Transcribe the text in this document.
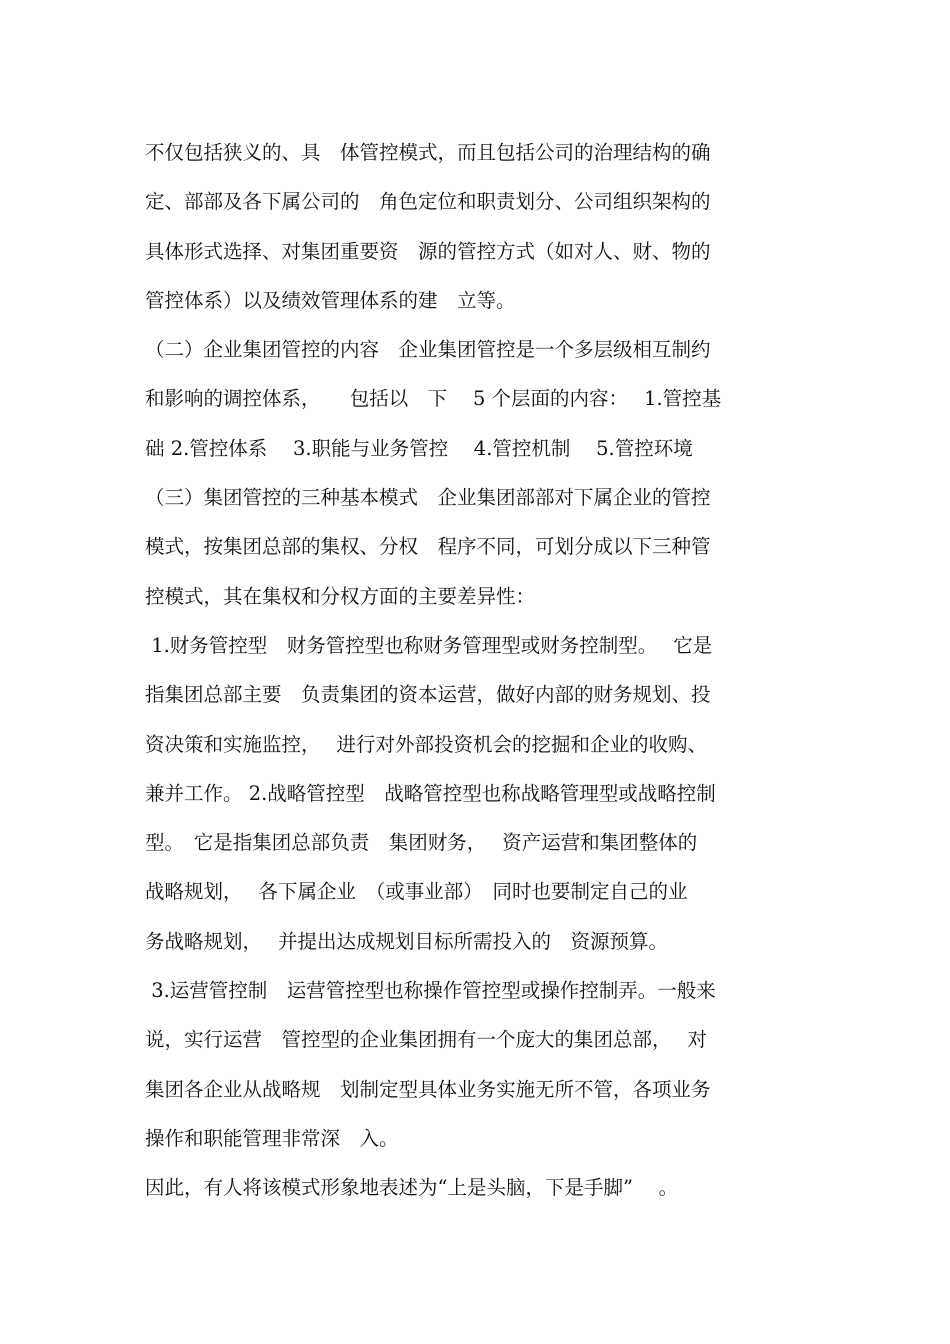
不仅包括狭义的、具　体管控模式，而且包括公司的治理结构的确
定、部部及各下属公司的　角色定位和职责划分、公司组织架构的
具体形式选择、对集团重要资　源的管控方式（如对人、财、物的
管控体系）以及绩效管理体系的建　立等。
（二）企业集团管控的内容　企业集团管控是一个多层级相互制约
和影响的调控体系，　　包括以　下　 5 个层面的内容：　 1.管控基
础 2.管控体系　 3.职能与业务管控　 4.管控机制　 5.管控环境
（三）集团管控的三种基本模式　企业集团部部对下属企业的管控
模式，按集团总部的集权、分权　程序不同，可划分成以下三种管
控模式，其在集权和分权方面的主要差异性：
1.财务管控型　财务管控型也称财务管理型或财务控制型。　 它是
指集团总部主要　负责集团的资本运营，做好内部的财务规划、投
资决策和实施监控，　 进行对外部投资机会的挖掘和企业的收购、
兼并工作。 2.战略管控型　战略管控型也称战略管理型或战略控制
型。　它是指集团总部负责　集团财务，　 资产运营和集团整体的
战略规划，　 各下属企业　（或事业部）　同时也要制定自己的业
务战略规划，　 并提出达成规划目标所需投入的　资源预算。
3.运营管控制　运营管控型也称操作管控型或操作控制弄。一般来
说，实行运营　管控型的企业集团拥有一个庞大的集团总部，　 对
集团各企业从战略规　划制定型具体业务实施无所不管，各项业务
操作和职能管理非常深　入。
因此，有人将该模式形象地表述为“上是头脑，下是手脚”　 。
